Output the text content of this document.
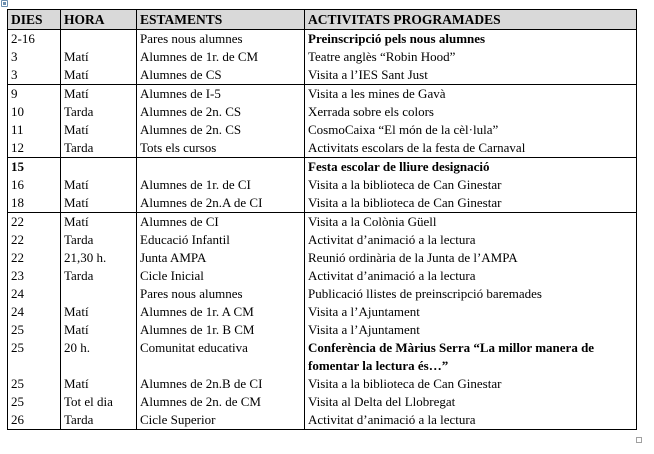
DIES	HORA	ESTAMENTS	ACTIVITATS PROGRAMADES
2-16		Pares nous alumnes	Preinscripció pels nous alumnes
3	Matí	Alumnes de 1r. de CM	Teatre anglès “Robin Hood”
3	Matí	Alumnes de CS	Visita a l’IES Sant Just
9	Matí	Alumnes de I-5	Visita a les mines de Gavà
10	Tarda	Alumnes de 2n. CS	Xerrada sobre els colors
11	Matí	Alumnes de 2n. CS	CosmoCaixa “El món de la cèl·lula”
12	Tarda	Tots els cursos	Activitats escolars de la festa de Carnaval
15			Festa escolar de lliure designació
16	Matí	Alumnes de 1r. de CI	Visita a la biblioteca de Can Ginestar
18	Matí	Alumnes de 2n.A de CI	Visita a la biblioteca de Can Ginestar
22	Matí	Alumnes de CI	Visita a la Colònia Güell
22	Tarda	Educació Infantil	Activitat d’animació a la lectura
22	21,30 h.	Junta AMPA	Reunió ordinària de la Junta de l’AMPA
23	Tarda	Cicle Inicial	Activitat d’animació a la lectura
24		Pares nous alumnes	Publicació llistes de preinscripció baremades
24	Matí	Alumnes de 1r. A CM	Visita a l’Ajuntament
25	Matí	Alumnes de 1r. B CM	Visita a l’Ajuntament
25	20 h.	Comunitat educativa	Conferència de Màrius Serra “La millor manera de fomentar la lectura és…”
25	Matí	Alumnes de 2n.B de CI	Visita a la biblioteca de Can Ginestar
25	Tot el dia	Alumnes de 2n. de CM	Visita al Delta del Llobregat
26	Tarda	Cicle Superior	Activitat d’animació a la lectura
